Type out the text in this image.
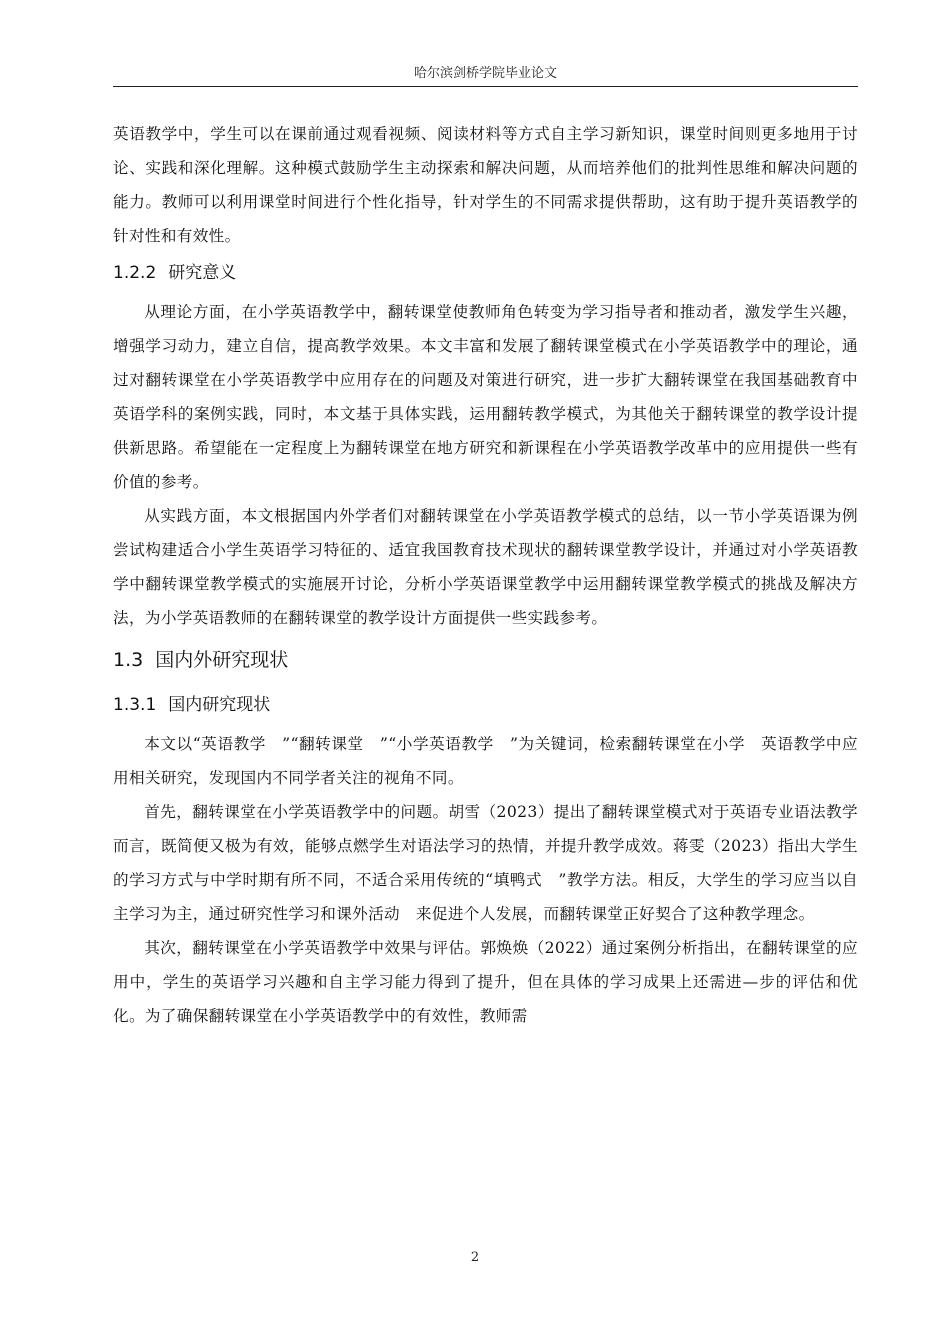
哈尔滨剑桥学院毕业论文

英语教学中，学生可以在课前通过观看视频、阅读材料等方式自主学习新知识，课堂时间则更多地用于讨论、实践和深化理解。这种模式鼓励学生主动探索和解决问题，从而培养他们的批判性思维和解决问题的能力。教师可以利用课堂时间进行个性化指导，针对学生的不同需求提供帮助，这有助于提升英语教学的针对性和有效性。

1.2.2 研究意义

从理论方面，在小学英语教学中，翻转课堂使教师角色转变为学习指导者和推动者，激发学生兴趣，增强学习动力，建立自信，提高教学效果。本文丰富和发展了翻转课堂模式在小学英语教学中的理论，通过对翻转课堂在小学英语教学中应用存在的问题及对策进行研究，进一步扩大翻转课堂在我国基础教育中英语学科的案例实践，同时，本文基于具体实践，运用翻转教学模式，为其他关于翻转课堂的教学设计提供新思路。希望能在一定程度上为翻转课堂在地方研究和新课程在小学英语教学改革中的应用提供一些有价值的参考。

从实践方面，本文根据国内外学者们对翻转课堂在小学英语教学模式的总结，以一节小学英语课为例尝试构建适合小学生英语学习特征的、适宜我国教育技术现状的翻转课堂教学设计，并通过对小学英语教学中翻转课堂教学模式的实施展开讨论，分析小学英语课堂教学中运用翻转课堂教学模式的挑战及解决方法，为小学英语教师的在翻转课堂的教学设计方面提供一些实践参考。

1.3 国内外研究现状
1.3.1 国内研究现状

本文以“英语教学　”“翻转课堂　”“小学英语教学　”为关键词，检索翻转课堂在小学　英语教学中应用相关研究，发现国内不同学者关注的视角不同。

首先，翻转课堂在小学英语教学中的问题。胡雪（2023）提出了翻转课堂模式对于英语专业语法教学而言，既简便又极为有效，能够点燃学生对语法学习的热情，并提升教学成效。蒋雯（2023）指出大学生的学习方式与中学时期有所不同，不适合采用传统的“填鸭式　”教学方法。相反，大学生的学习应当以自主学习为主，通过研究性学习和课外活动　来促进个人发展，而翻转课堂正好契合了这种教学理念。

其次，翻转课堂在小学英语教学中效果与评估。郭焕焕（2022）通过案例分析指出，在翻转课堂的应用中，学生的英语学习兴趣和自主学习能力得到了提升，但在具体的学习成果上还需进—步的评估和优化。为了确保翻转课堂在小学英语教学中的有效性，教师需

2
